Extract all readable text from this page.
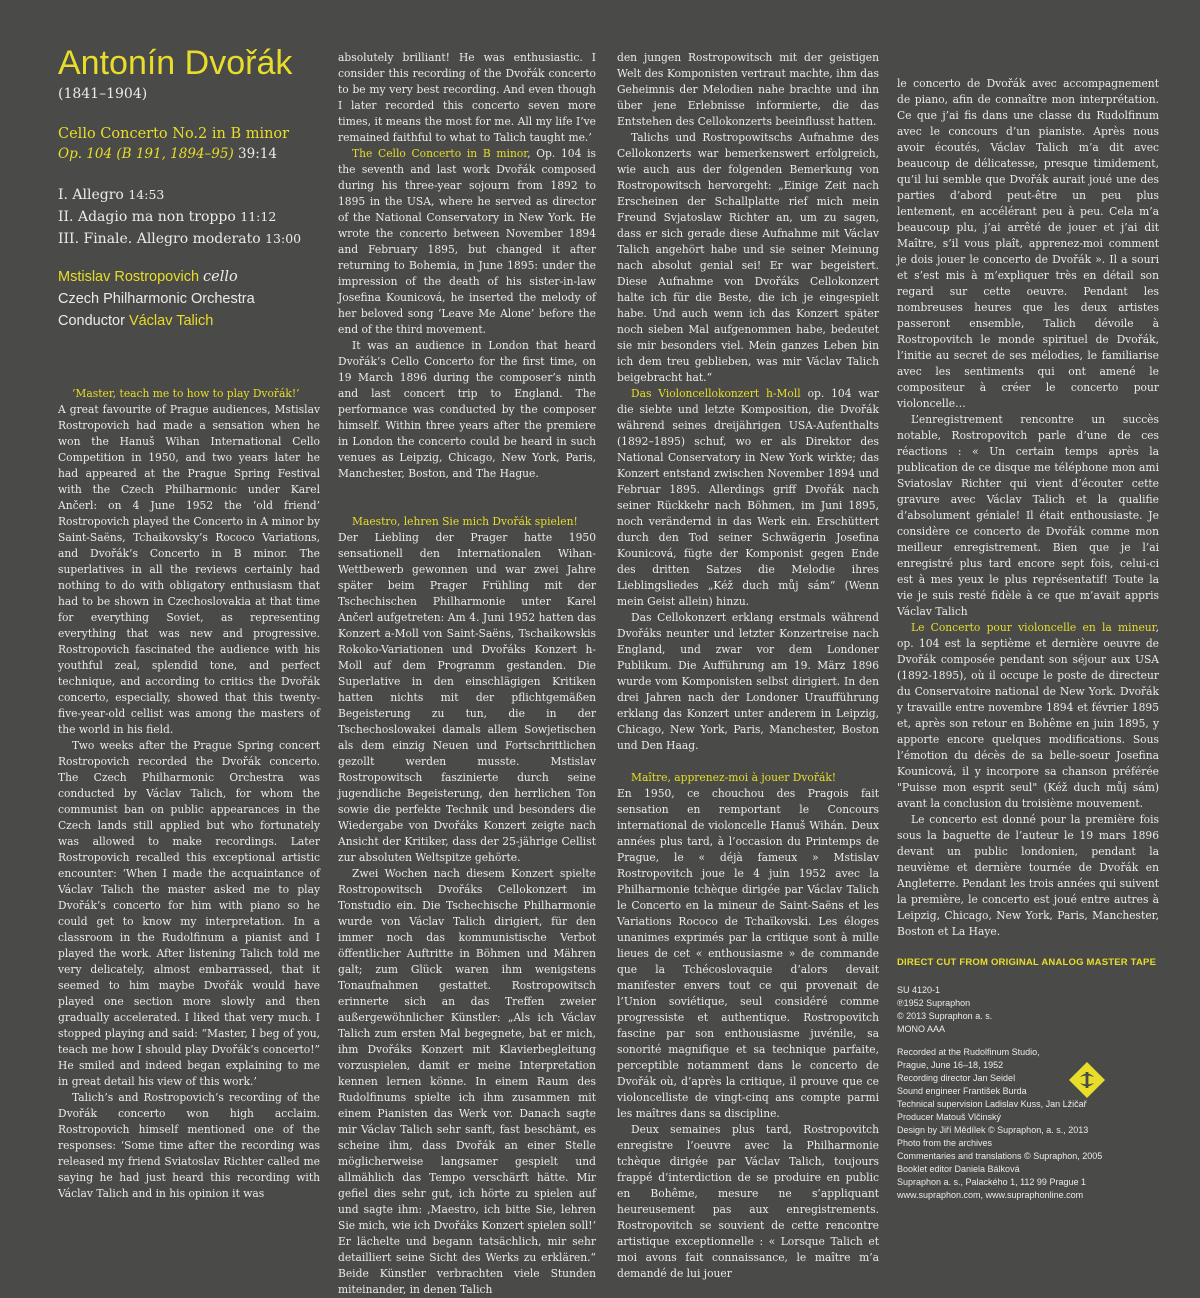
Antonín Dvořák

(1841–1904)

Cello Concerto No.2 in B minor

Op. 104 (B 191, 1894–95) 39:14

I. Allegro 14:53
II. Adagio ma non troppo 11:12
III. Finale. Allegro moderato 13:00
Mstislav Rostropovich cello
Czech Philharmonic Orchestra
Conductor Václav Talich

‘Master, teach me to how to play Dvořák!’

A great favourite of Prague audiences, Mstislav Rostropovich had made a sensation when he won the Hanuš Wihan International Cello Competition in 1950, and two years later he had appeared at the Prague Spring Festival with the Czech Philharmonic under Karel Ančerl: on 4 June 1952 the ‘old friend’ Rostropovich played the Concerto in A minor by Saint-Saëns, Tchaikovsky’s Rococo Variations, and Dvořák’s Concerto in B minor. The superlatives in all the reviews certainly had nothing to do with obligatory enthusiasm that had to be shown in Czechoslovakia at that time for everything Soviet, as representing everything that was new and progressive. Rostropovich fascinated the audience with his youthful zeal, splendid tone, and perfect technique, and according to critics the Dvořák concerto, especially, showed that this twenty-five-year-old cellist was among the masters of the world in his field.

Two weeks after the Prague Spring concert Rostropovich recorded the Dvořák concerto. The Czech Philharmonic Orchestra was conducted by Václav Talich, for whom the communist ban on public appearances in the Czech lands still applied but who fortunately was allowed to make recordings. Later Rostropovich recalled this exceptional artistic encounter: ‘When I made the acquaintance of Václav Talich the master asked me to play Dvořák’s concerto for him with piano so he could get to know my interpretation. In a classroom in the Rudolfinum a pianist and I played the work. After listening Talich told me very delicately, almost embarrassed, that it seemed to him maybe Dvořák would have played one section more slowly and then gradually accelerated. I liked that very much. I stopped playing and said: “Master, I beg of you, teach me how I should play Dvořák’s concerto!” He smiled and indeed began explaining to me in great detail his view of this work.’

Talich’s and Rostropovich’s recording of the Dvořák concerto won high acclaim. Rostropovich himself mentioned one of the responses: ‘Some time after the recording was released my friend Sviatoslav Richter called me saying he had just heard this recording with Václav Talich and in his opinion it was

absolutely brilliant! He was enthusiastic. I consider this recording of the Dvořák concerto to be my very best recording. And even though I later recorded this concerto seven more times, it means the most for me. All my life I’ve remained faithful to what to Talich taught me.’

The Cello Concerto in B minor, Op. 104 is the seventh and last work Dvořák composed during his three-year sojourn from 1892 to 1895 in the USA, where he served as director of the National Conservatory in New York. He wrote the concerto between November 1894 and February 1895, but changed it after returning to Bohemia, in June 1895: under the impression of the death of his sister-in-law Josefina Kounicová, he inserted the melody of her beloved song ‘Leave Me Alone’ before the end of the third movement.

It was an audience in London that heard Dvořák’s Cello Concerto for the first time, on 19 March 1896 during the composer’s ninth and last concert trip to England. The performance was conducted by the composer himself. Within three years after the premiere in London the concerto could be heard in such venues as Leipzig, Chicago, New York, Paris, Manchester, Boston, and The Hague.

Maestro, lehren Sie mich Dvořák spielen!

Der Liebling der Prager hatte 1950 sensationell den Internationalen Wihan-Wettbewerb gewonnen und war zwei Jahre später beim Prager Frühling mit der Tschechischen Philharmonie unter Karel Ančerl aufgetreten: Am 4. Juni 1952 hatten das Konzert a-Moll von Saint-Saëns, Tschaikowskis Rokoko-Variationen und Dvořáks Konzert h-Moll auf dem Programm gestanden. Die Superlative in den einschlägigen Kritiken hatten nichts mit der pflichtgemäßen Begeisterung zu tun, die in der Tschechoslowakei damals allem Sowjetischen als dem einzig Neuen und Fortschrittlichen gezollt werden musste. Mstislav Rostropowitsch faszinierte durch seine jugendliche Begeisterung, den herrlichen Ton sowie die perfekte Technik und besonders die Wiedergabe von Dvořáks Konzert zeigte nach Ansicht der Kritiker, dass der 25-jährige Cellist zur absoluten Weltspitze gehörte.

Zwei Wochen nach diesem Konzert spielte Rostropowitsch Dvořáks Cellokonzert im Tonstudio ein. Die Tschechische Philharmonie wurde von Václav Talich dirigiert, für den immer noch das kommunistische Verbot öffentlicher Auftritte in Böhmen und Mähren galt; zum Glück waren ihm wenigstens Tonaufnahmen gestattet. Rostropowitsch erinnerte sich an das Treffen zweier außergewöhnlicher Künstler: „Als ich Václav Talich zum ersten Mal begegnete, bat er mich, ihm Dvořáks Konzert mit Klavierbegleitung vorzuspielen, damit er meine Interpretation kennen lernen könne. In einem Raum des Rudolfinums spielte ich ihm zusammen mit einem Pianisten das Werk vor. Danach sagte mir Václav Talich sehr sanft, fast beschämt, es scheine ihm, dass Dvořák an einer Stelle möglicherweise langsamer gespielt und allmählich das Tempo verschärft hätte. Mir gefiel dies sehr gut, ich hörte zu spielen auf und sagte ihm: ‚Maestro, ich bitte Sie, lehren Sie mich, wie ich Dvořáks Konzert spielen soll!‘ Er lächelte und begann tatsächlich, mir sehr detailliert seine Sicht des Werks zu erklären.“ Beide Künstler verbrachten viele Stunden miteinander, in denen Talich

den jungen Rostropowitsch mit der geistigen Welt des Komponisten vertraut machte, ihm das Geheimnis der Melodien nahe brachte und ihn über jene Erlebnisse informierte, die das Entstehen des Cellokonzerts beeinflusst hatten.

Talichs und Rostropowitschs Aufnahme des Cellokonzerts war bemerkenswert erfolgreich, wie auch aus der folgenden Bemerkung von Rostropowitsch hervorgeht: „Einige Zeit nach Erscheinen der Schallplatte rief mich mein Freund Svjatoslaw Richter an, um zu sagen, dass er sich gerade diese Aufnahme mit Václav Talich angehört habe und sie seiner Meinung nach absolut genial sei! Er war begeistert. Diese Aufnahme von Dvořáks Cellokonzert halte ich für die Beste, die ich je eingespielt habe. Und auch wenn ich das Konzert später noch sieben Mal aufgenommen habe, bedeutet sie mir besonders viel. Mein ganzes Leben bin ich dem treu geblieben, was mir Václav Talich beigebracht hat.“

Das Violoncellokonzert h-Moll op. 104 war die siebte und letzte Komposition, die Dvořák während seines dreijährigen USA-Aufenthalts (1892–1895) schuf, wo er als Direktor des National Conservatory in New York wirkte; das Konzert entstand zwischen November 1894 und Februar 1895. Allerdings griff Dvořák nach seiner Rückkehr nach Böhmen, im Juni 1895, noch verändernd in das Werk ein. Erschüttert durch den Tod seiner Schwägerin Josefina Kounicová, fügte der Komponist gegen Ende des dritten Satzes die Melodie ihres Lieblingsliedes „Kéž duch můj sám“ (Wenn mein Geist allein) hinzu.

Das Cellokonzert erklang erstmals während Dvořáks neunter und letzter Konzertreise nach England, und zwar vor dem Londoner Publikum. Die Aufführung am 19. März 1896 wurde vom Komponisten selbst dirigiert. In den drei Jahren nach der Londoner Uraufführung erklang das Konzert unter anderem in Leipzig, Chicago, New York, Paris, Manchester, Boston und Den Haag.

Maître, apprenez-moi à jouer Dvořák!

En 1950, ce chouchou des Pragois fait sensation en remportant le Concours international de violoncelle Hanuš Wihán. Deux années plus tard, à l’occasion du Printemps de Prague, le « déjà fameux » Mstislav Rostropovitch joue le 4 juin 1952 avec la Philharmonie tchèque dirigée par Václav Talich le Concerto en la mineur de Saint-Saëns et les Variations Rococo de Tchaïkovski. Les éloges unanimes exprimés par la critique sont à mille lieues de cet « enthousiasme » de commande que la Tchécoslovaquie d’alors devait manifester envers tout ce qui provenait de l’Union soviétique, seul considéré comme progressiste et authentique. Rostropovitch fascine par son enthousiasme juvénile, sa sonorité magnifique et sa technique parfaite, perceptible notamment dans le concerto de Dvořák où, d’après la critique, il prouve que ce violoncelliste de vingt-cinq ans compte parmi les maîtres dans sa discipline.

Deux semaines plus tard, Rostropovitch enregistre l’oeuvre avec la Philharmonie tchèque dirigée par Václav Talich, toujours frappé d’interdiction de se produire en public en Bohême, mesure ne s’appliquant heureusement pas aux enregistrements. Rostropovitch se souvient de cette rencontre artistique exceptionnelle : « Lorsque Talich et moi avons fait connaissance, le maître m’a demandé de lui jouer

le concerto de Dvořák avec accompagnement de piano, afin de connaître mon interprétation. Ce que j’ai fis dans une classe du Rudolfinum avec le concours d’un pianiste. Après nous avoir écoutés, Václav Talich m’a dit avec beaucoup de délicatesse, presque timidement, qu’il lui semble que Dvořák aurait joué une des parties d’abord peut-être un peu plus lentement, en accélérant peu à peu. Cela m’a beaucoup plu, j’ai arrêté de jouer et j’ai dit Maître, s’il vous plaît, apprenez-moi comment je dois jouer le concerto de Dvořák ». Il a souri et s’est mis à m’expliquer très en détail son regard sur cette oeuvre. Pendant les nombreuses heures que les deux artistes passeront ensemble, Talich dévoile à Rostropovitch le monde spirituel de Dvořák, l’initie au secret de ses mélodies, le familiarise avec les sentiments qui ont amené le compositeur à créer le concerto pour violoncelle…

L’enregistrement rencontre un succès notable, Rostropovitch parle d’une de ces réactions : « Un certain temps après la publication de ce disque me téléphone mon ami Sviatoslav Richter qui vient d’écouter cette gravure avec Václav Talich et la qualifie d’absolument géniale! Il était enthousiaste. Je considère ce concerto de Dvořák comme mon meilleur enregistrement. Bien que je l’ai enregistré plus tard encore sept fois, celui-ci est à mes yeux le plus représentatif! Toute la vie je suis resté fidèle à ce que m’avait appris Václav Talich

Le Concerto pour violoncelle en la mineur, op. 104 est la septième et dernière oeuvre de Dvořák composée pendant son séjour aux USA (1892-1895), où il occupe le poste de directeur du Conservatoire national de New York. Dvořák y travaille entre novembre 1894 et février 1895 et, après son retour en Bohême en juin 1895, y apporte encore quelques modifications. Sous l’émotion du décès de sa belle-soeur Josefina Kounicová, il y incorpore sa chanson préférée "Puisse mon esprit seul" (Kéž duch můj sám) avant la conclusion du troisième mouvement.

Le concerto est donné pour la première fois sous la baguette de l’auteur le 19 mars 1896 devant un public londonien, pendant la neuvième et dernière tournée de Dvořák en Angleterre. Pendant les trois années qui suivent la première, le concerto est joué entre autres à Leipzig, Chicago, New York, Paris, Manchester, Boston et La Haye.

DIRECT CUT FROM ORIGINAL ANALOG MASTER TAPE
SU 4120-1
℗1952 Supraphon
© 2013 Supraphon a. s.
MONO AAA
Recorded at the Rudolfinum Studio,
Prague, June 16–18, 1952
Recording director Jan Seidel
Sound engineer František Burda
Technical supervision Ladislav Kuss, Jan Lžičař
Producer Matouš Vlčinský
Design by Jiří Mědílek © Supraphon, a. s., 2013
Photo from the archives
Commentaries and translations © Supraphon, 2005
Booklet editor Daniela Bálková
Supraphon a. s., Palackého 1, 112 99 Prague 1
www.supraphon.com, www.supraphonline.com
